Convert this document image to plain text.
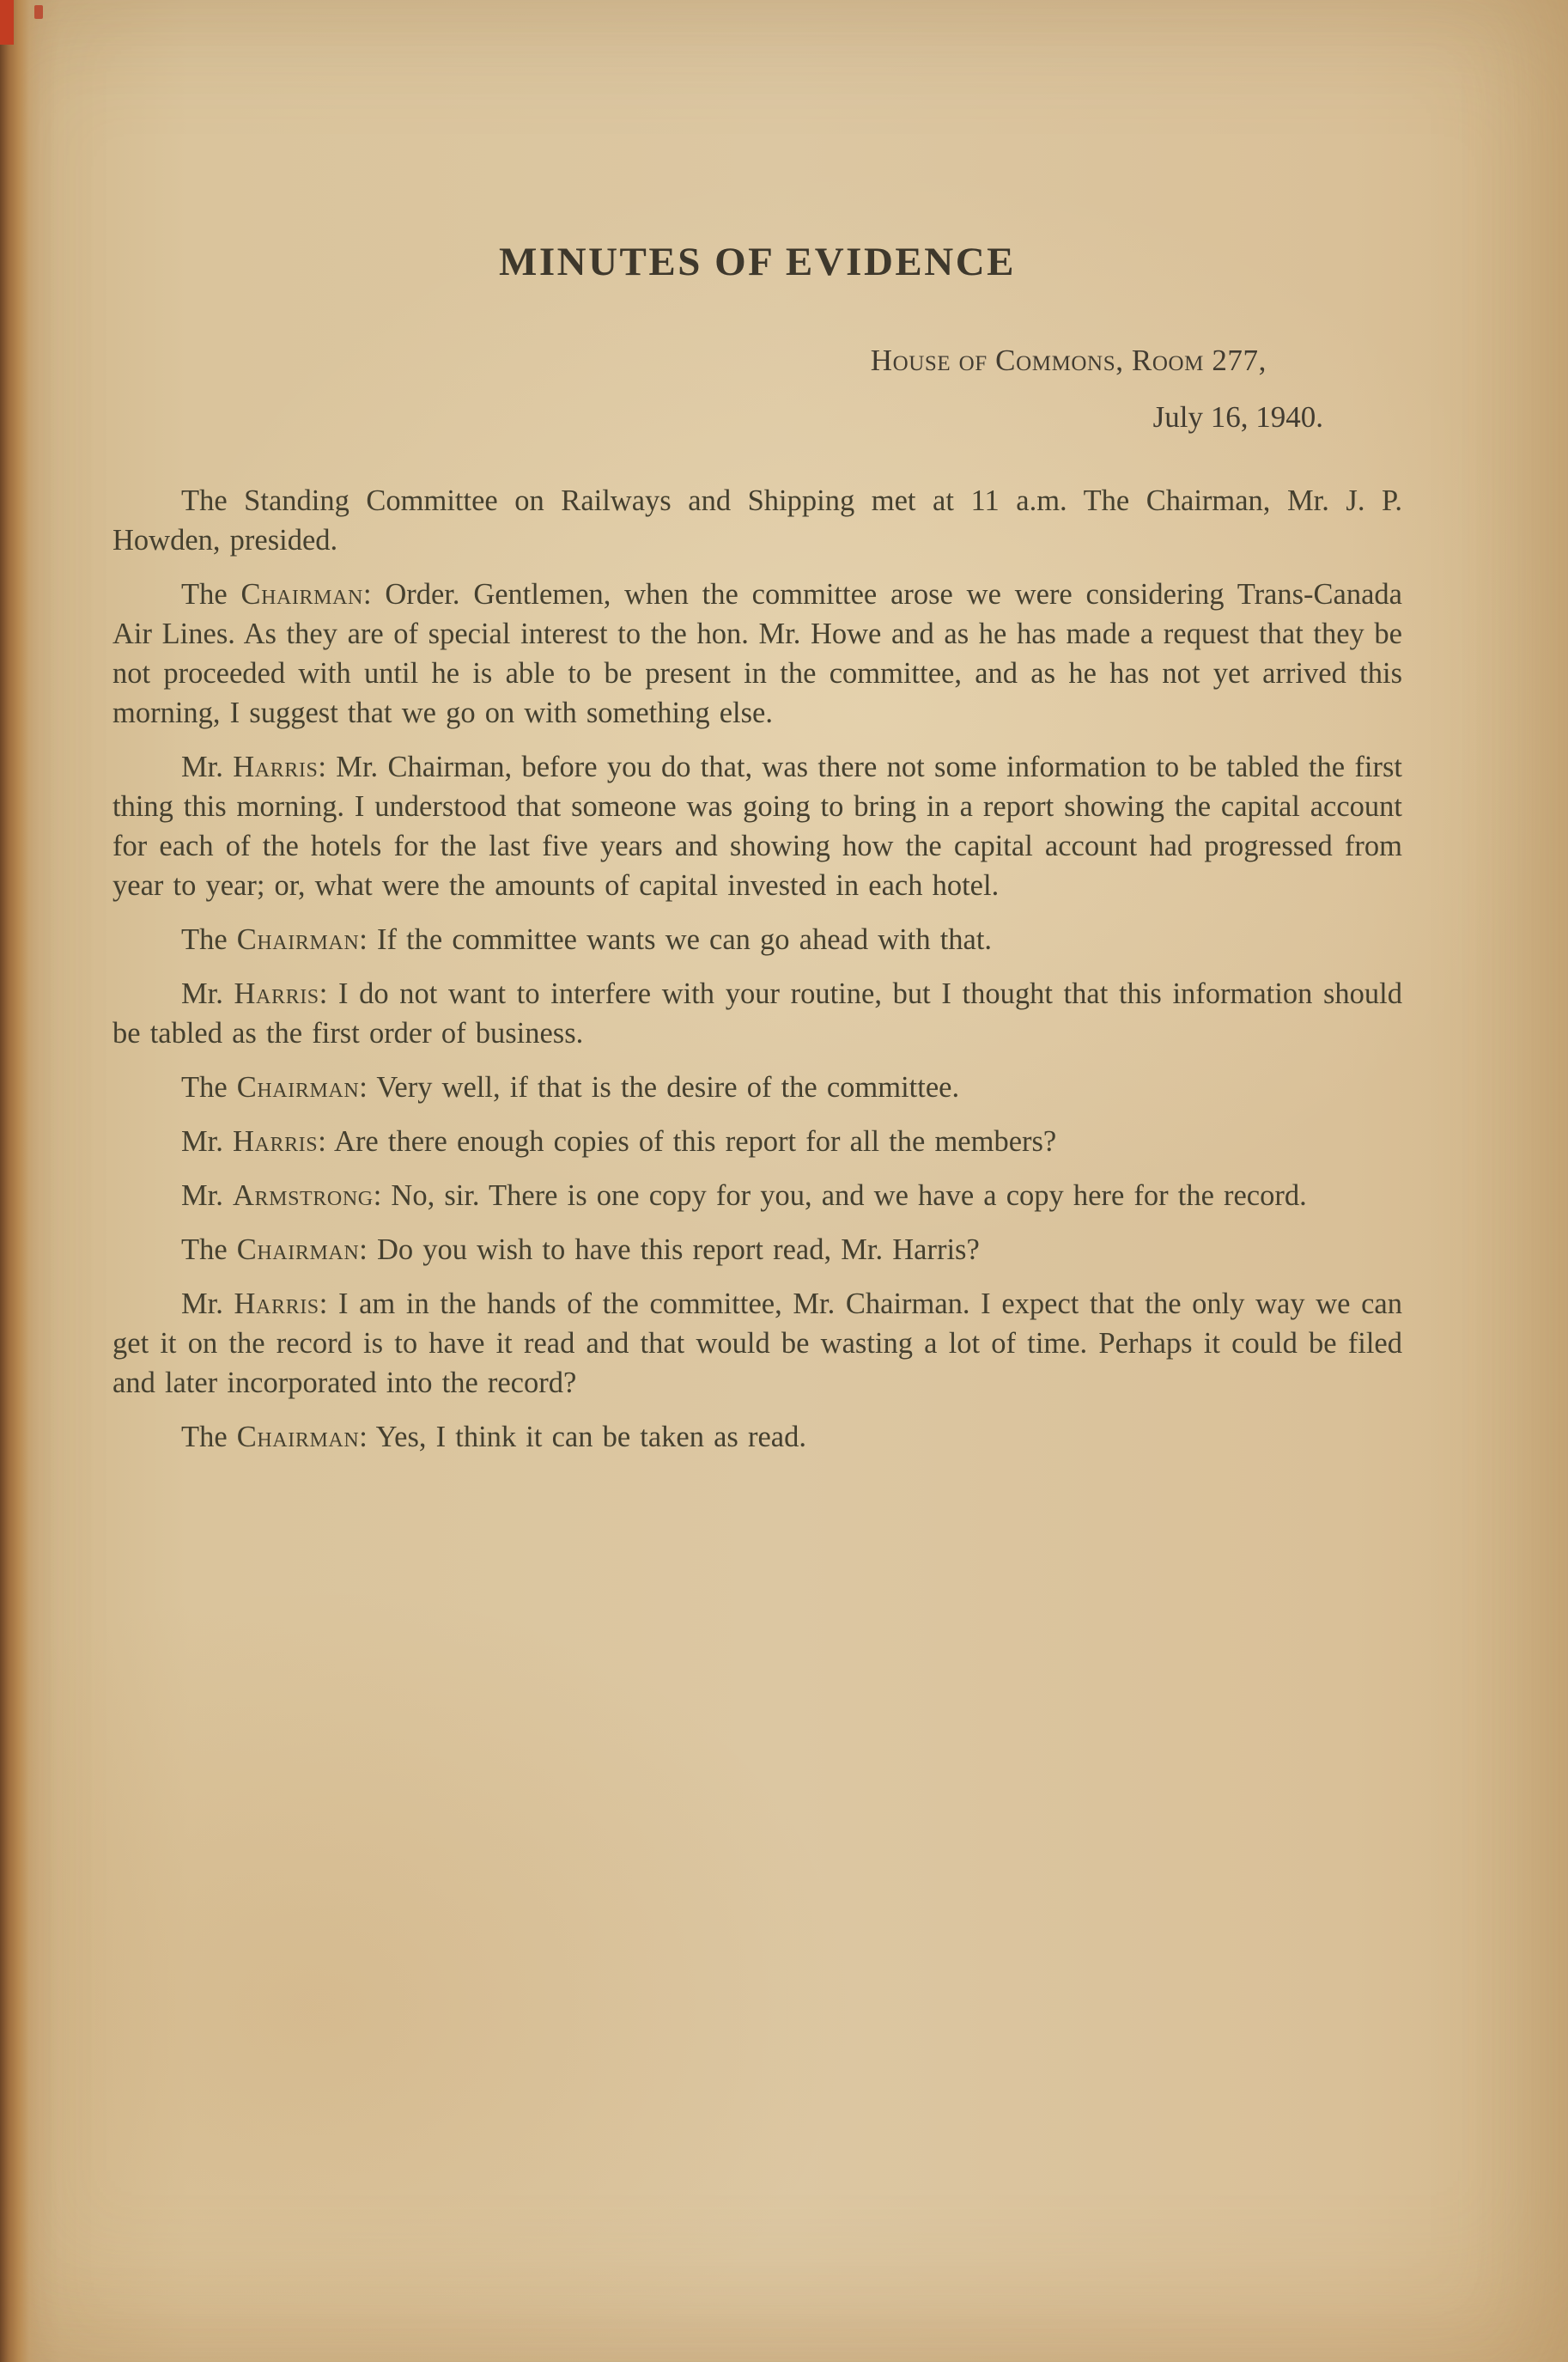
MINUTES OF EVIDENCE
House of Commons, Room 277,
July 16, 1940.

The Standing Committee on Railways and Shipping met at 11 a.m. The Chairman, Mr. J. P. Howden, presided.

The Chairman: Order. Gentlemen, when the committee arose we were considering Trans-Canada Air Lines. As they are of special interest to the hon. Mr. Howe and as he has made a request that they be not proceeded with until he is able to be present in the committee, and as he has not yet arrived this morning, I suggest that we go on with something else.

Mr. Harris: Mr. Chairman, before you do that, was there not some information to be tabled the first thing this morning. I understood that someone was going to bring in a report showing the capital account for each of the hotels for the last five years and showing how the capital account had progressed from year to year; or, what were the amounts of capital invested in each hotel.

The Chairman: If the committee wants we can go ahead with that.

Mr. Harris: I do not want to interfere with your routine, but I thought that this information should be tabled as the first order of business.

The Chairman: Very well, if that is the desire of the committee.

Mr. Harris: Are there enough copies of this report for all the members?

Mr. Armstrong: No, sir. There is one copy for you, and we have a copy here for the record.

The Chairman: Do you wish to have this report read, Mr. Harris?

Mr. Harris: I am in the hands of the committee, Mr. Chairman. I expect that the only way we can get it on the record is to have it read and that would be wasting a lot of time. Perhaps it could be filed and later incorporated into the record?

The Chairman: Yes, I think it can be taken as read.
